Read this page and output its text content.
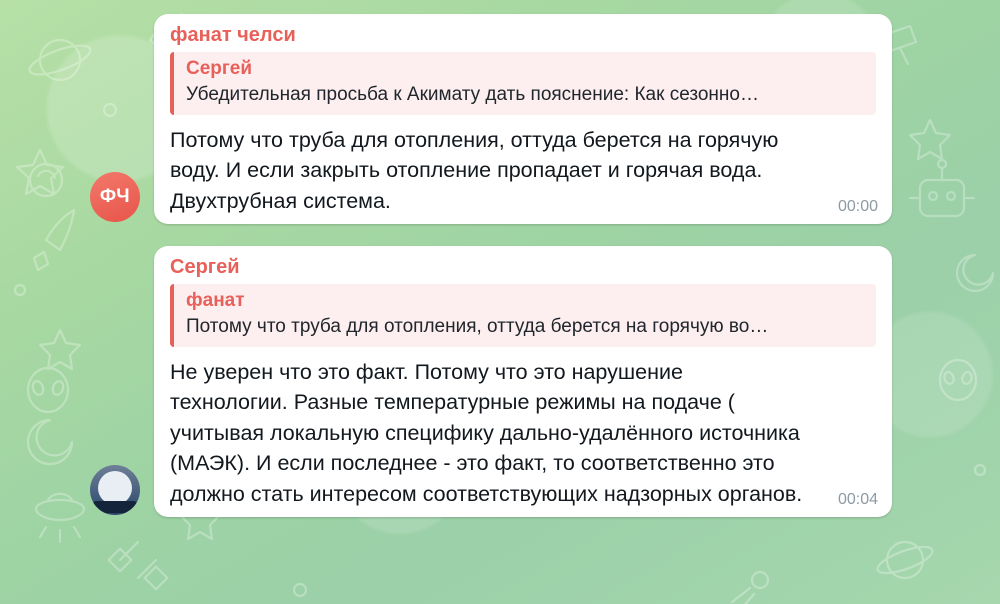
ФЧ
фанат челси
Сергей
Убедительная просьба к Акимату дать пояснение: Как сезонно…
Потому что труба для отопления, оттуда берется на горячую воду. И если закрыть отопление пропадает и горячая вода. Двухтрубная система.	00:00
Сергей
фанат
Потому что труба для отопления, оттуда берется на горячую во…
Не уверен что это факт. Потому что это нарушение технологии. Разные температурные режимы на подаче ( учитывая локальную специфику дально-удалённого источника (МАЭК). И если последнее - это факт, то соответственно это должно стать интересом соответствующих надзорных органов.	00:04
